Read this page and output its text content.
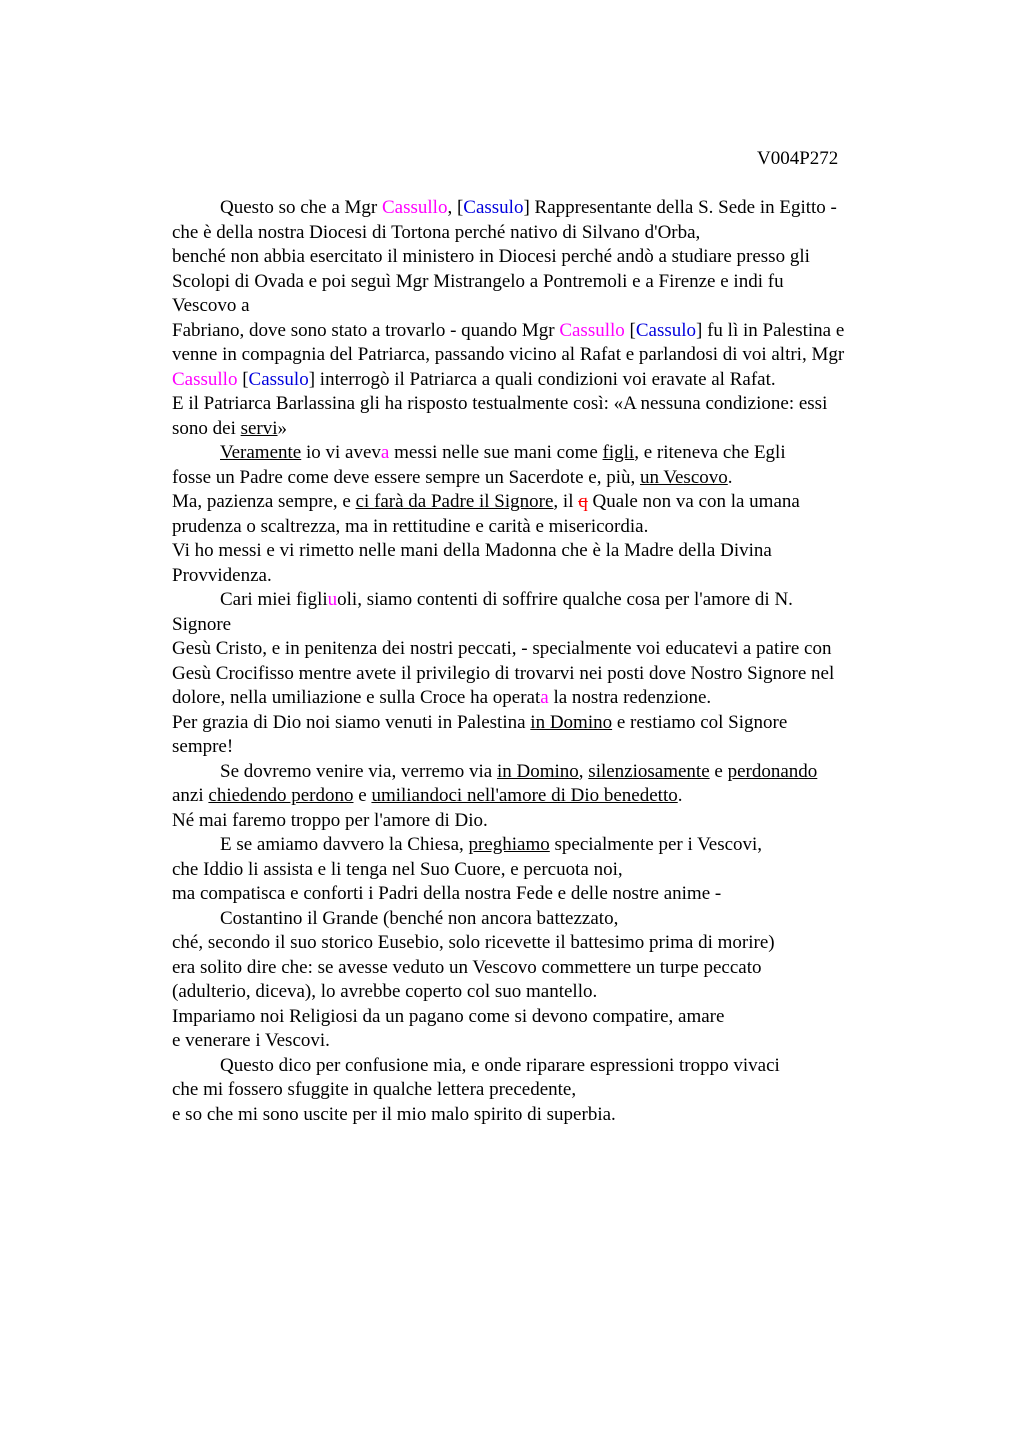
V004P272
Questo so che a Mgr Cassullo, [Cassulo] Rappresentante della S. Sede in Egitto -
che è della nostra Diocesi di Tortona perché nativo di Silvano d'Orba,
benché non abbia esercitato il ministero in Diocesi perché andò a studiare presso gli
Scolopi di Ovada e poi seguì Mgr Mistrangelo a Pontremoli e a Firenze e indi fu
Vescovo a
Fabriano, dove sono stato a trovarlo - quando Mgr Cassullo [Cassulo] fu lì in Palestina e
venne in compagnia del Patriarca, passando vicino al Rafat e parlandosi di voi altri, Mgr
Cassullo [Cassulo] interrogò il Patriarca a quali condizioni voi eravate al Rafat.
E il Patriarca Barlassina gli ha risposto testualmente così: «A nessuna condizione: essi
sono dei servi»
Veramente io vi aveva messi nelle sue mani come figli, e riteneva che Egli
fosse un Padre come deve essere sempre un Sacerdote e, più, un Vescovo.
Ma, pazienza sempre, e ci farà da Padre il Signore, il q Quale non va con la umana
prudenza o scaltrezza, ma in rettitudine e carità e misericordia.
Vi ho messi e vi rimetto nelle mani della Madonna che è la Madre della Divina
Provvidenza.
Cari miei figliuoli, siamo contenti di soffrire qualche cosa per l'amore di N.
Signore
Gesù Cristo, e in penitenza dei nostri peccati, - specialmente voi educatevi a patire con
Gesù Crocifisso mentre avete il privilegio di trovarvi nei posti dove Nostro Signore nel
dolore, nella umiliazione e sulla Croce ha operata la nostra redenzione.
Per grazia di Dio noi siamo venuti in Palestina in Domino e restiamo col Signore
sempre!
Se dovremo venire via, verremo via in Domino, silenziosamente e perdonando
anzi chiedendo perdono e umiliandoci nell'amore di Dio benedetto.
Né mai faremo troppo per l'amore di Dio.
E se amiamo davvero la Chiesa, preghiamo specialmente per i Vescovi,
che Iddio li assista e li tenga nel Suo Cuore, e percuota noi,
ma compatisca e conforti i Padri della nostra Fede e delle nostre anime -
Costantino il Grande (benché non ancora battezzato,
ché, secondo il suo storico Eusebio, solo ricevette il battesimo prima di morire)
era solito dire che: se avesse veduto un Vescovo commettere un turpe peccato
(adulterio, diceva), lo avrebbe coperto col suo mantello.
Impariamo noi Religiosi da un pagano come si devono compatire, amare
e venerare i Vescovi.
Questo dico per confusione mia, e onde riparare espressioni troppo vivaci
che mi fossero sfuggite in qualche lettera precedente,
e so che mi sono uscite per il mio malo spirito di superbia.
